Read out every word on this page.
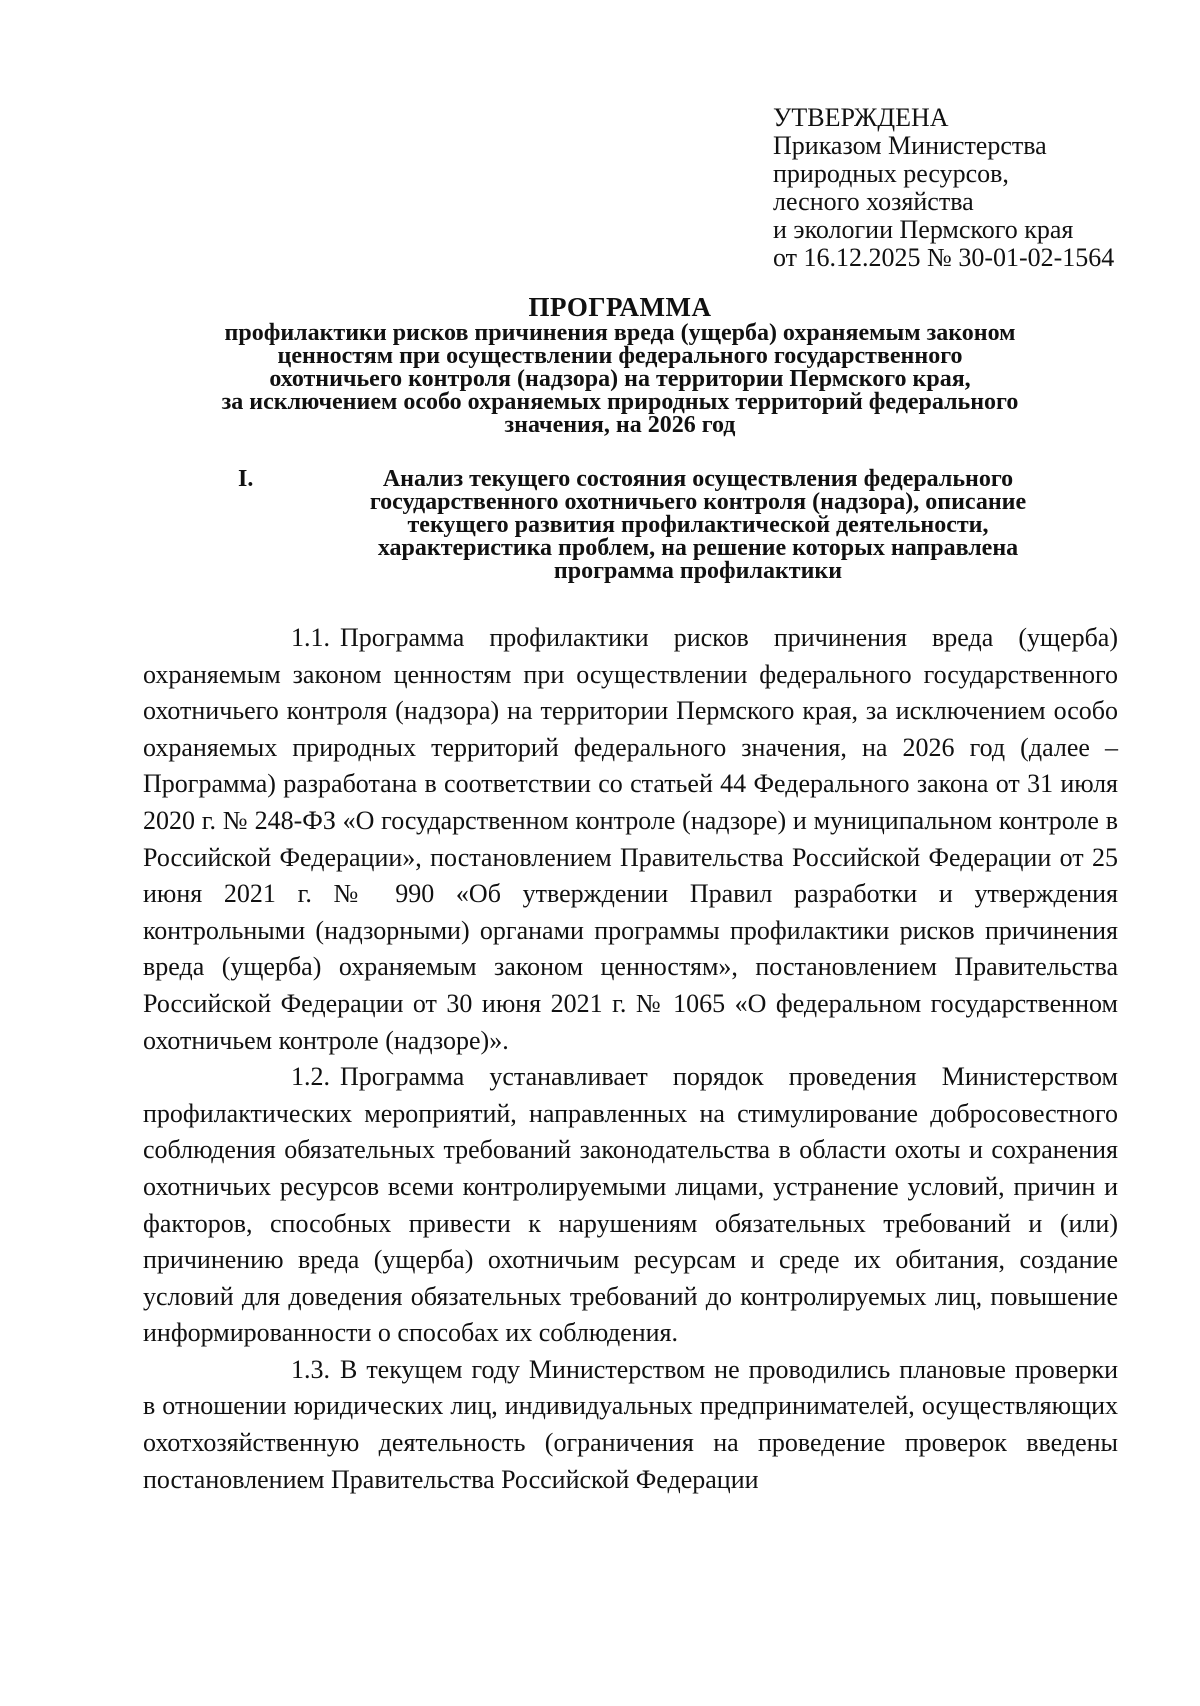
УТВЕРЖДЕНА
Приказом Министерства
природных ресурсов,
лесного хозяйства
и экологии Пермского края
от 16.12.2025 № 30-01-02-1564
ПРОГРАММА
профилактики рисков причинения вреда (ущерба) охраняемым законом
ценностям при осуществлении федерального государственного
охотничьего контроля (надзора) на территории Пермского края,
за исключением особо охраняемых природных территорий федерального
значения, на 2026 год
I.	Анализ текущего состояния осуществления федерального
государственного охотничьего контроля (надзора), описание
текущего развития профилактической деятельности,
характеристика проблем, на решение которых направлена
программа профилактики

1.1. Программа профилактики рисков причинения вреда (ущерба) охраняемым законом ценностям при осуществлении федерального государственного охотничьего контроля (надзора) на территории Пермского края, за исключением особо охраняемых природных территорий федерального значения, на 2026 год (далее – Программа) разработана в соответствии со статьей 44 Федерального закона от 31 июля 2020 г. № 248-ФЗ «О государственном контроле (надзоре) и муниципальном контроле в Российской Федерации», постановлением Правительства Российской Федерации от 25 июня 2021 г. № 990 «Об утверждении Правил разработки и утверждения контрольными (надзорными) органами программы профилактики рисков причинения вреда (ущерба) охраняемым законом ценностям», постановлением Правительства Российской Федерации от 30 июня 2021 г. № 1065 «О федеральном государственном охотничьем контроле (надзоре)».

1.2. Программа устанавливает порядок проведения Министерством профилактических мероприятий, направленных на стимулирование добросовестного соблюдения обязательных требований законодательства в области охоты и сохранения охотничьих ресурсов всеми контролируемыми лицами, устранение условий, причин и факторов, способных привести к нарушениям обязательных требований и (или) причинению вреда (ущерба) охотничьим ресурсам и среде их обитания, создание условий для доведения обязательных требований до контролируемых лиц, повышение информированности о способах их соблюдения.

1.3. В текущем году Министерством не проводились плановые проверки в отношении юридических лиц, индивидуальных предпринимателей, осуществляющих охотхозяйственную деятельность (ограничения на проведение проверок введены постановлением Правительства Российской Федерации
